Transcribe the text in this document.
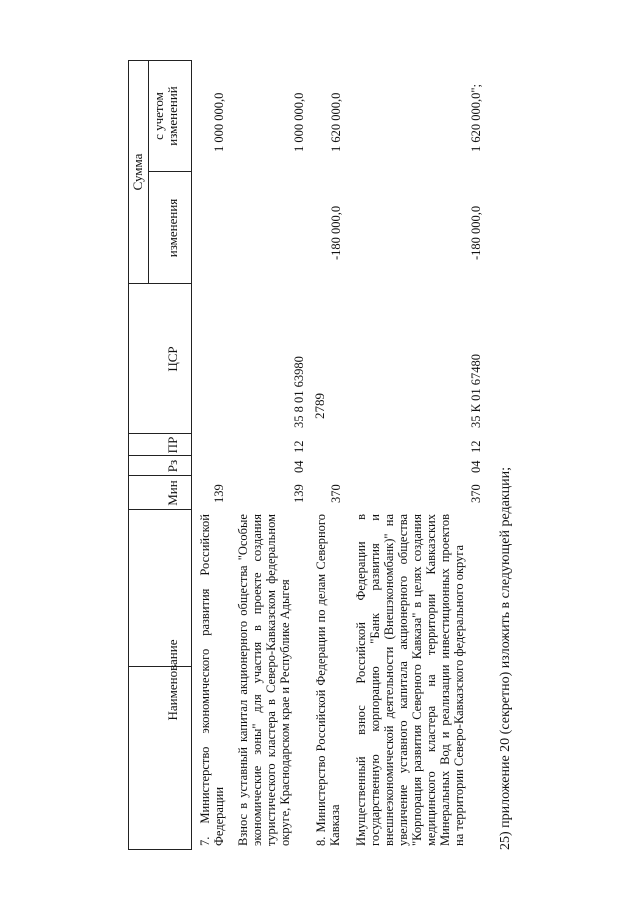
2789
Наименование
Мин
Рз
ПР
ЦСР
Сумма
изменения
с учетом изменений
7. Министерство экономического развития Российской Федерации
139
1 000 000,0
Взнос в уставный капитал акционерного общества "Особые экономические зоны" для участия в проекте создания туристического кластера в Северо-Кавказском федеральном округе, Краснодарском крае и Республике Адыгея
139
04
12
35 8 01 63980
1 000 000,0
8. Министерство Российской Федерации по делам Северного Кавказа
370
-180 000,0
1 620 000,0
Имущественный взнос Российской Федерации в государственную корпорацию "Банк развития и внешнеэкономической деятельности (Внешэкономбанк)" на увеличение уставного капитала акционерного общества "Корпорация развития Северного Кавказа" в целях создания медицинского кластера на территории Кавказских Минеральных Вод и реализации инвестиционных проектов на территории Северо-Кавказского федерального округа
370
04
12
35 К 01 67480
-180 000,0
1 620 000,0";
25) приложение 20 (секретно) изложить в следующей редакции;
